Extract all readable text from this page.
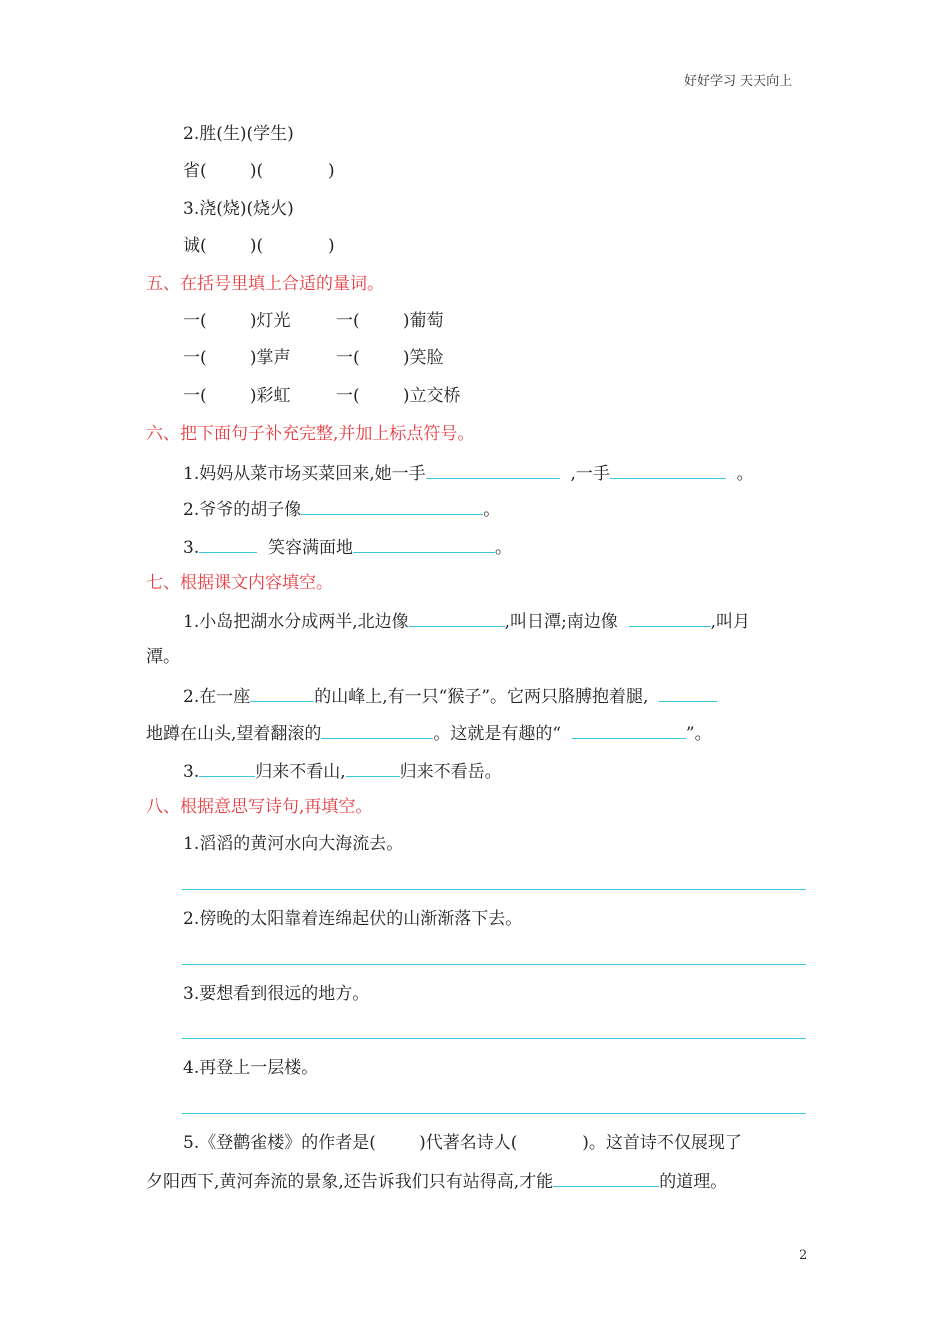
好好学习 天天向上
2.胜(生)(学生)
省(        )(            )
3.浇(烧)(烧火)
诚(        )(            )
五、在括号里填上合适的量词。
一(        )灯光	一(        )葡萄
一(        )掌声	一(        )笑脸
一(        )彩虹	一(        )立交桥
六、把下面句子补充完整,并加上标点符号。
1.妈妈从菜市场买菜回来,她一手	,一手	。
2.爷爷的胡子像	。
3.	笑容满面地	。
七、根据课文内容填空。
1.小岛把湖水分成两半,北边像	,叫日潭;南边像	,叫月
潭。
2.在一座	的山峰上,有一只“猴子”。它两只胳膊抱着腿,
地蹲在山头,望着翻滚的	。这就是有趣的“	”。
3.	归来不看山,	归来不看岳。
八、根据意思写诗句,再填空。
1.滔滔的黄河水向大海流去。
2.傍晚的太阳靠着连绵起伏的山渐渐落下去。
3.要想看到很远的地方。
4.再登上一层楼。
5.《登鹳雀楼》的作者是(        )代著名诗人(            )。这首诗不仅展现了
夕阳西下,黄河奔流的景象,还告诉我们只有站得高,才能	的道理。
2
